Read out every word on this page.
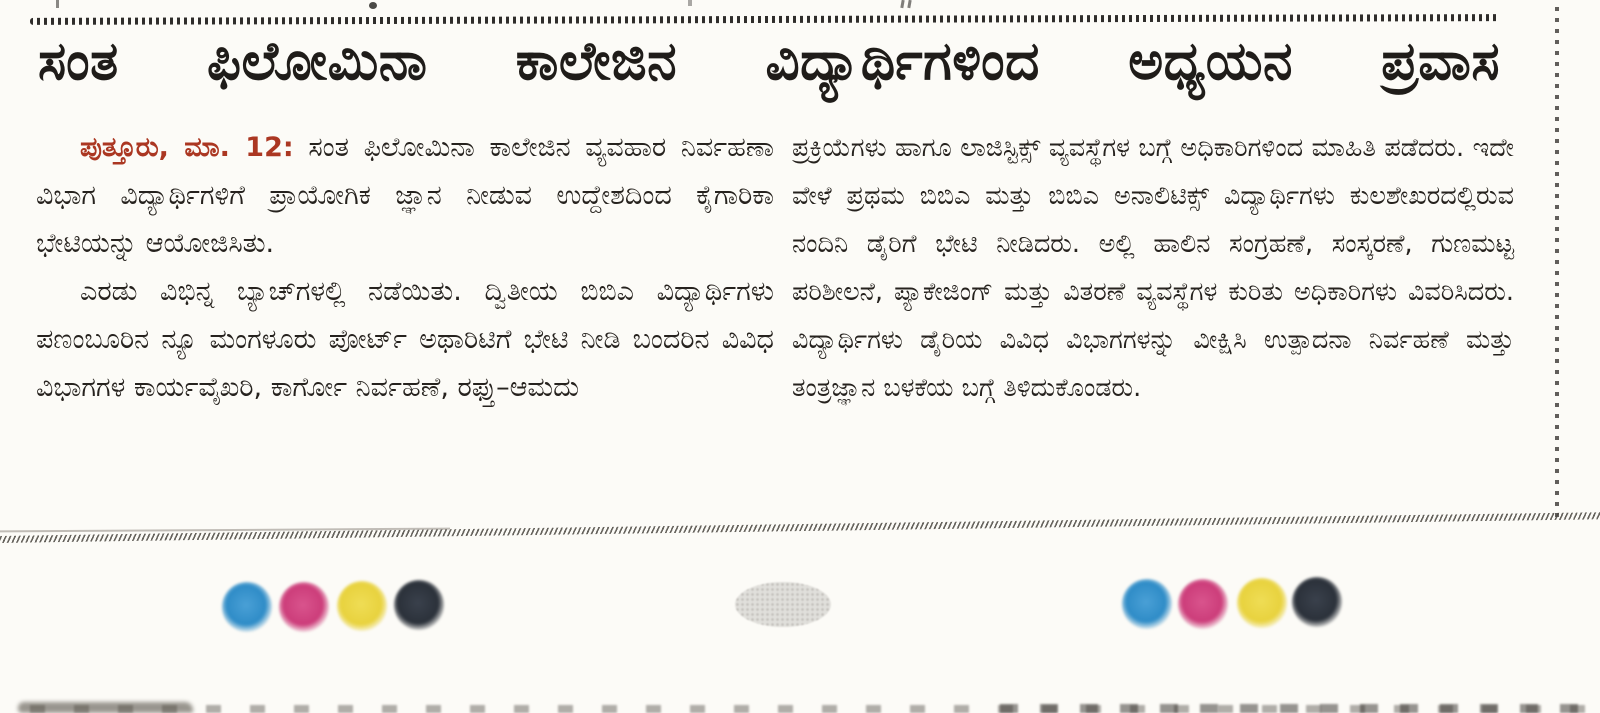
ಸಂತ ಫಿಲೋಮಿನಾ ಕಾಲೇಜಿನ ವಿದ್ಯಾರ್ಥಿಗಳಿಂದ ಅಧ್ಯಯನ ಪ್ರವಾಸ

ಪುತ್ತೂರು, ಮಾ. 12: ಸಂತ ಫಿಲೋಮಿನಾ ಕಾಲೇಜಿನ ವ್ಯವಹಾರ ನಿರ್ವಹಣಾ ವಿಭಾಗ ವಿದ್ಯಾರ್ಥಿಗಳಿಗೆ ಪ್ರಾಯೋಗಿಕ ಜ್ಞಾನ ನೀಡುವ ಉದ್ದೇಶದಿಂದ ಕೈಗಾರಿಕಾ ಭೇಟಿಯನ್ನು ಆಯೋಜಿಸಿತು.

ಎರಡು ವಿಭಿನ್ನ ಬ್ಯಾಚ್‌ಗಳಲ್ಲಿ ನಡೆಯಿತು. ದ್ವಿತೀಯ ಬಿಬಿಎ ವಿದ್ಯಾರ್ಥಿಗಳು ಪಣಂಬೂರಿನ ನ್ಯೂ ಮಂಗಳೂರು ಪೋರ್ಟ್ ಅಥಾರಿಟಿಗೆ ಭೇಟಿ ನೀಡಿ ಬಂದರಿನ ವಿವಿಧ ವಿಭಾಗಗಳ ಕಾರ್ಯವೈಖರಿ, ಕಾರ್ಗೋ ನಿರ್ವಹಣೆ, ರಫ್ತು–ಆಮದು

ಪ್ರಕ್ರಿಯೆಗಳು ಹಾಗೂ ಲಾಜಿಸ್ಟಿಕ್ಸ್ ವ್ಯವಸ್ಥೆಗಳ ಬಗ್ಗೆ ಅಧಿಕಾರಿಗಳಿಂದ ಮಾಹಿತಿ ಪಡೆದರು. ಇದೇ ವೇಳೆ ಪ್ರಥಮ ಬಿಬಿಎ ಮತ್ತು ಬಿಬಿಎ ಅನಾಲಿಟಿಕ್ಸ್ ವಿದ್ಯಾರ್ಥಿಗಳು ಕುಲಶೇಖರದಲ್ಲಿರುವ ನಂದಿನಿ ಡೈರಿಗೆ ಭೇಟಿ ನೀಡಿದರು. ಅಲ್ಲಿ ಹಾಲಿನ ಸಂಗ್ರಹಣೆ, ಸಂಸ್ಕರಣೆ, ಗುಣಮಟ್ಟ ಪರಿಶೀಲನೆ, ಪ್ಯಾಕೇಜಿಂಗ್ ಮತ್ತು ವಿತರಣೆ ವ್ಯವಸ್ಥೆಗಳ ಕುರಿತು ಅಧಿಕಾರಿಗಳು ವಿವರಿಸಿದರು. ವಿದ್ಯಾರ್ಥಿಗಳು ಡೈರಿಯ ವಿವಿಧ ವಿಭಾಗಗಳನ್ನು ವೀಕ್ಷಿಸಿ ಉತ್ಪಾದನಾ ನಿರ್ವಹಣೆ ಮತ್ತು ತಂತ್ರಜ್ಞಾನ ಬಳಕೆಯ ಬಗ್ಗೆ ತಿಳಿದುಕೊಂಡರು.
